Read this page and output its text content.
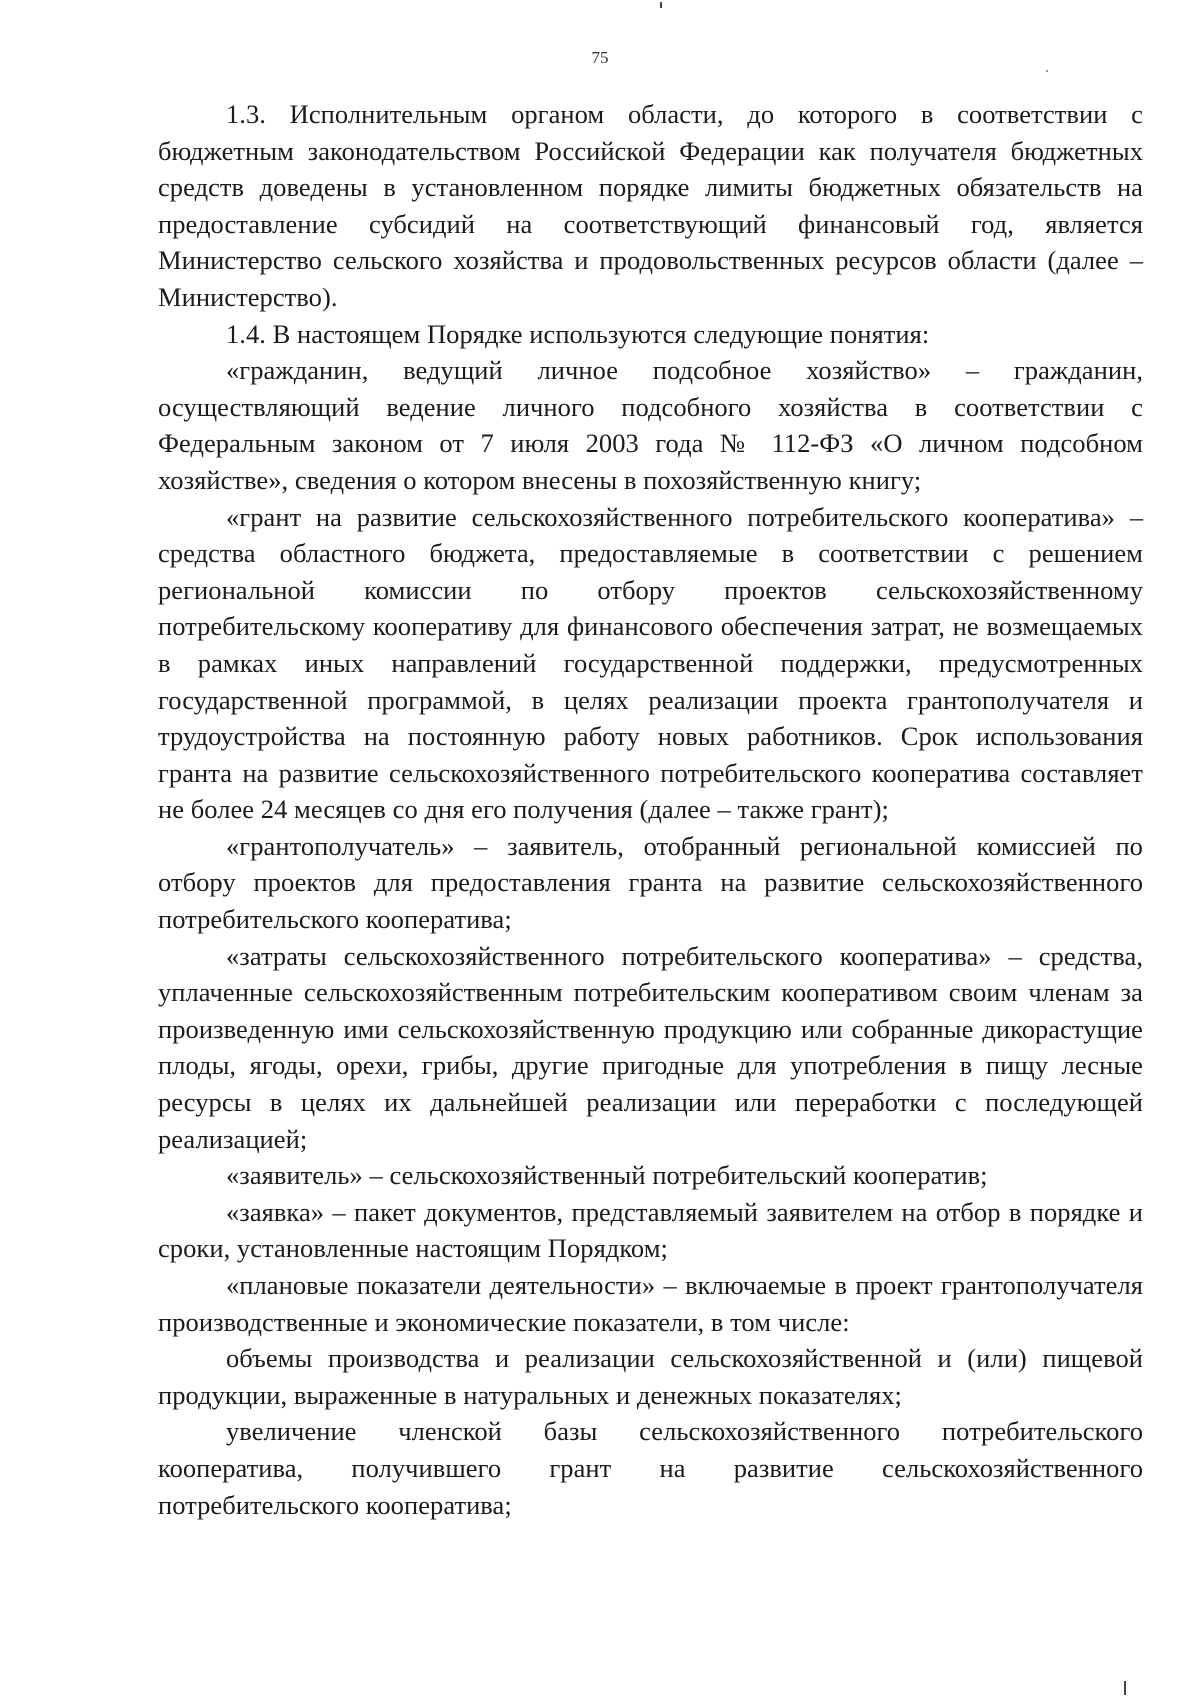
75

1.3. Исполнительным органом области, до которого в соответствии с бюджетным законодательством Российской Федерации как получателя бюджетных средств доведены в установленном порядке лимиты бюджетных обязательств на предоставление субсидий на соответствующий финансовый год, является Министерство сельского хозяйства и продовольственных ресурсов области (далее – Министерство).

1.4. В настоящем Порядке используются следующие понятия:

«гражданин, ведущий личное подсобное хозяйство» – гражданин, осуществляющий ведение личного подсобного хозяйства в соответствии с Федеральным законом от 7 июля 2003 года № 112-ФЗ «О личном подсобном хозяйстве», сведения о котором внесены в похозяйственную книгу;

«грант на развитие сельскохозяйственного потребительского кооператива» – средства областного бюджета, предоставляемые в соответствии с решением региональной комиссии по отбору проектов сельскохозяйственному потребительскому кооперативу для финансового обеспечения затрат, не возмещаемых в рамках иных направлений государственной поддержки, предусмотренных государственной программой, в целях реализации проекта грантополучателя и трудоустройства на постоянную работу новых работников. Срок использования гранта на развитие сельскохозяйственного потребительского кооператива составляет не более 24 месяцев со дня его получения (далее – также грант);

«грантополучатель» – заявитель, отобранный региональной комиссией по отбору проектов для предоставления гранта на развитие сельскохозяйственного потребительского кооператива;

«затраты сельскохозяйственного потребительского кооператива» – средства, уплаченные сельскохозяйственным потребительским кооперативом своим членам за произведенную ими сельскохозяйственную продукцию или собранные дикорастущие плоды, ягоды, орехи, грибы, другие пригодные для употребления в пищу лесные ресурсы в целях их дальнейшей реализации или переработки с последующей реализацией;

«заявитель» – сельскохозяйственный потребительский кооператив;

«заявка» – пакет документов, представляемый заявителем на отбор в порядке и сроки, установленные настоящим Порядком;

«плановые показатели деятельности» – включаемые в проект грантополучателя производственные и экономические показатели, в том числе:

объемы производства и реализации сельскохозяйственной и (или) пищевой продукции, выраженные в натуральных и денежных показателях;

увеличение членской базы сельскохозяйственного потребительского кооператива, получившего грант на развитие сельскохозяйственного потребительского кооператива;
